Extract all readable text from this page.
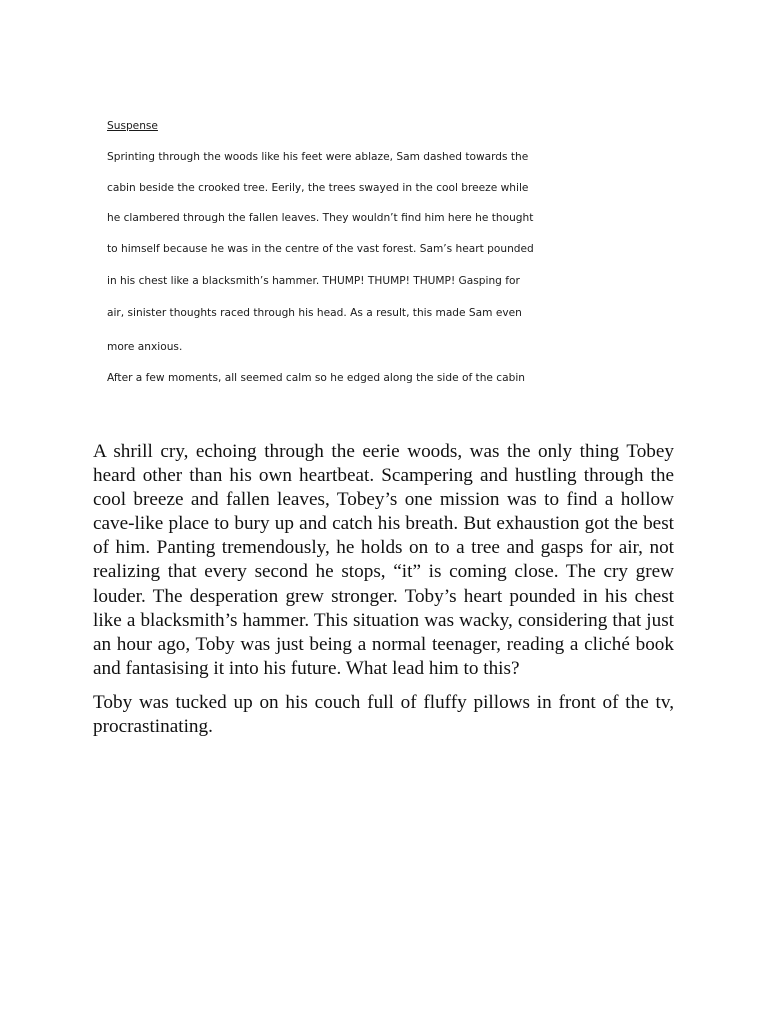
Suspense
Sprinting through the woods like his feet were ablaze, Sam dashed towards the
cabin beside the crooked tree. Eerily, the trees swayed in the cool breeze while
he clambered through the fallen leaves. They wouldn’t find him here he thought
to himself because he was in the centre of the vast forest. Sam’s heart pounded
in his chest like a blacksmith’s hammer. THUMP! THUMP! THUMP! Gasping for
air, sinister thoughts raced through his head. As a result, this made Sam even
more anxious.
After a few moments, all seemed calm so he edged along the side of the cabin

A shrill cry, echoing through the eerie woods, was the only thing Tobey heard other than his own heartbeat. Scampering and hustling through the cool breeze and fallen leaves, Tobey’s one mission was to find a hollow cave-like place to bury up and catch his breath. But exhaustion got the best of him. Panting tremendously, he holds on to a tree and gasps for air, not realizing that every second he stops, “it” is coming close. The cry grew louder. The desperation grew stronger. Toby’s heart pounded in his chest like a blacksmith’s hammer. This situation was wacky, considering that just an hour ago, Toby was just being a normal teenager, reading a cliché book and fantasising it into his future. What lead him to this?

Toby was tucked up on his couch full of fluffy pillows in front of the tv, procrastinating.
